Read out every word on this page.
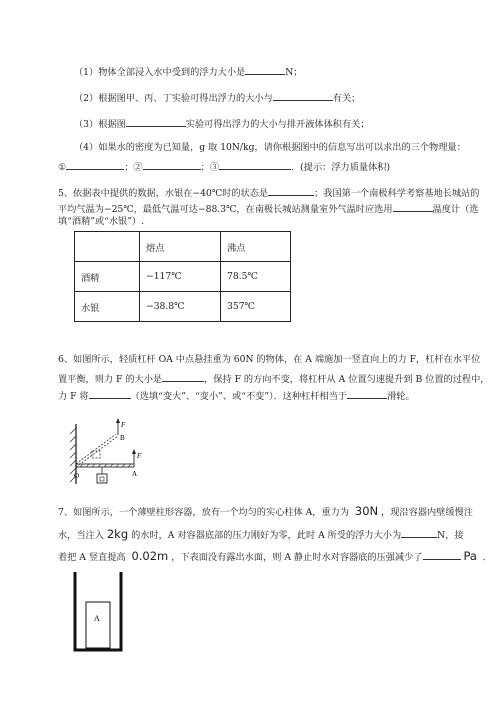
（1）物体全部浸入水中受到的浮力大小是	N；
（2）根据图甲、丙、丁实验可得出浮力的大小与	有关；
（3）根据图	实验可得出浮力的大小与排开液体体积有关；
（4）如果水的密度为已知量，g 取 10N/kg，请你根据图中的信息写出可以求出的三个物理量：
①	；②	；③	．(提示：浮力质量体积)
5、依据表中提供的数据，水银在−40℃时的状态是	；我国第一个南极科学考察基地长城站的
平均气温为−25℃，最低气温可达−88.3℃，在南极长城站测量室外气温时应选用	温度计（选
填“酒精”或“水银”）.
	熔点	沸点
酒精	−117℃	78.5℃
水银	−38.8℃	357℃
6、如图所示，轻质杠杆 OA 中点悬挂重为 60N 的物体，在 A 端施加一竖直向上的力 F，杠杆在水平位
置平衡，则力 F 的大小是	，保持 F 的方向不变，将杠杆从 A 位置匀速提升到 B 位置的过程中，
力 F 将	（选填“变大”、“变小”、或“不变”）．这种杠杆相当于	滑轮。
F
B
F
O	A
7、如图所示，一个薄壁柱形容器，放有一个均匀的实心柱体 A，重力为 30N ，现沿容器内壁缓慢注
水，当注入 2kg 的水时，A 对容器底部的压力刚好为零，此时 A 所受的浮力大小为	N，接
着把 A 竖直提高 0.02m ，下表面没有露出水面，则 A 静止时水对容器底的压强减少了	Pa ．
A
